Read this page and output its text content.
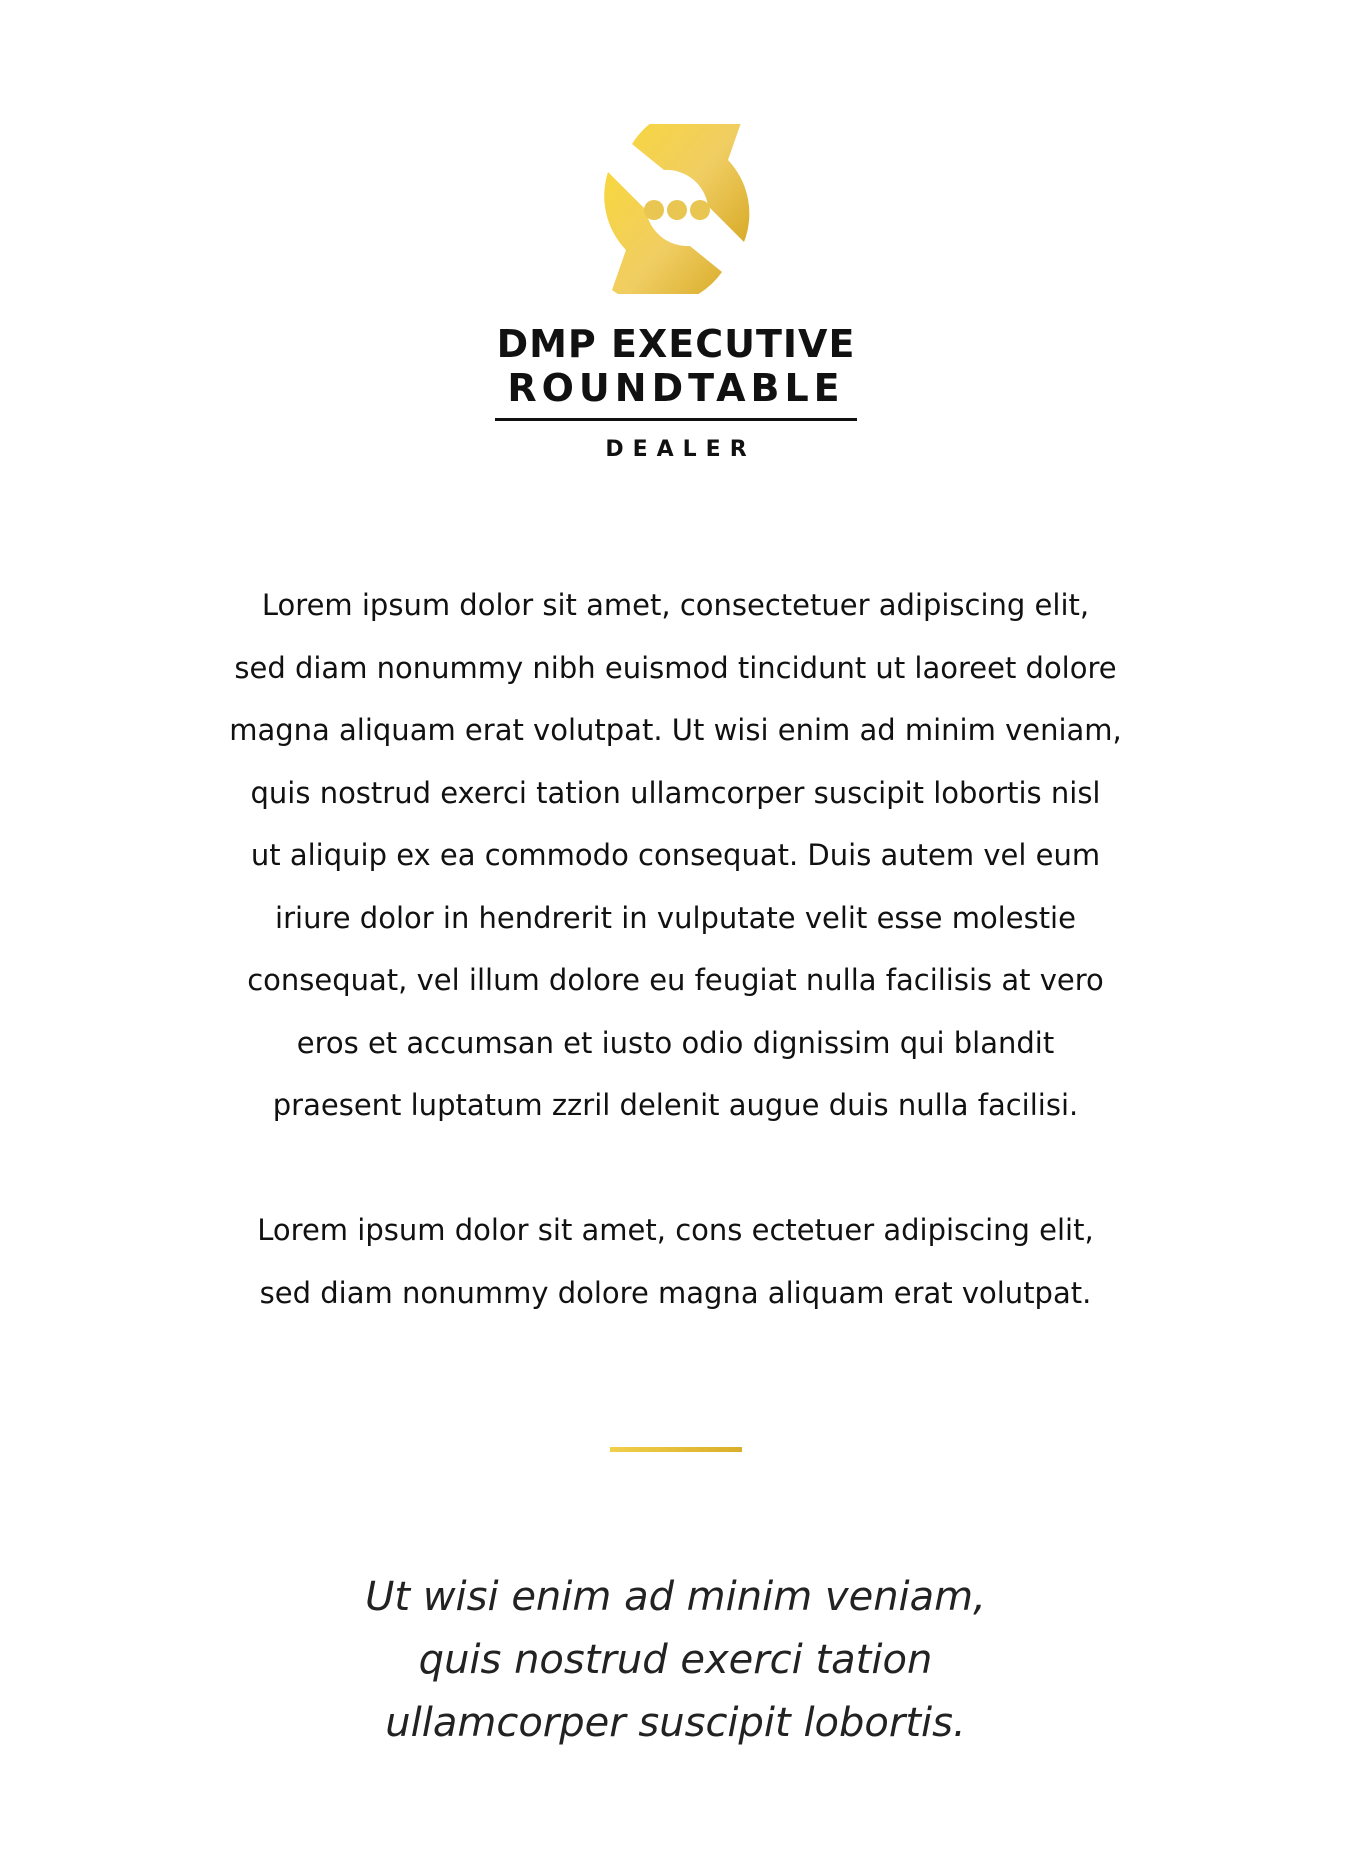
DMP EXECUTIVE
ROUNDTABLE
DEALER

Lorem ipsum dolor sit amet, consectetuer adipiscing elit,
sed diam nonummy nibh euismod tincidunt ut laoreet dolore
magna aliquam erat volutpat. Ut wisi enim ad minim veniam,
quis nostrud exerci tation ullamcorper suscipit lobortis nisl
ut aliquip ex ea commodo consequat. Duis autem vel eum
iriure dolor in hendrerit in vulputate velit esse molestie
consequat, vel illum dolore eu feugiat nulla facilisis at vero
eros et accumsan et iusto odio dignissim qui blandit
praesent luptatum zzril delenit augue duis nulla facilisi.

Lorem ipsum dolor sit amet, cons ectetuer adipiscing elit,
sed diam nonummy dolore magna aliquam erat volutpat.

Ut wisi enim ad minim veniam,
quis nostrud exerci tation
ullamcorper suscipit lobortis.
